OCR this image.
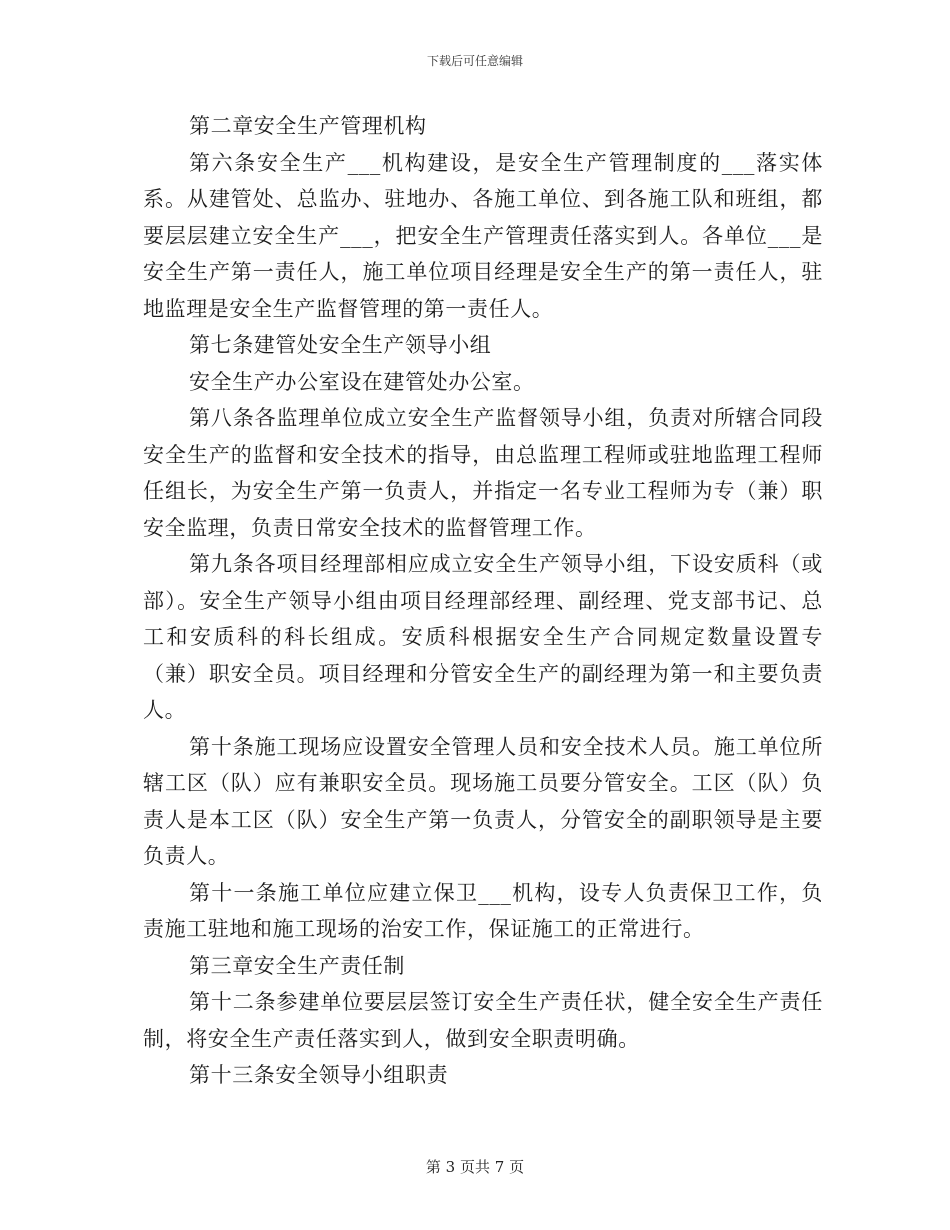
下载后可任意编辑

第二章安全生产管理机构

第六条安全生产___机构建设，是安全生产管理制度的___落实体系。从建管处、总监办、驻地办、各施工单位、到各施工队和班组，都要层层建立安全生产___，把安全生产管理责任落实到人。各单位___是安全生产第一责任人，施工单位项目经理是安全生产的第一责任人，驻地监理是安全生产监督管理的第一责任人。

第七条建管处安全生产领导小组

安全生产办公室设在建管处办公室。

第八条各监理单位成立安全生产监督领导小组，负责对所辖合同段安全生产的监督和安全技术的指导，由总监理工程师或驻地监理工程师任组长，为安全生产第一负责人，并指定一名专业工程师为专（兼）职安全监理，负责日常安全技术的监督管理工作。

第九条各项目经理部相应成立安全生产领导小组，下设安质科（或部）。安全生产领导小组由项目经理部经理、副经理、党支部书记、总工和安质科的科长组成。安质科根据安全生产合同规定数量设置专（兼）职安全员。项目经理和分管安全生产的副经理为第一和主要负责人。

第十条施工现场应设置安全管理人员和安全技术人员。施工单位所辖工区（队）应有兼职安全员。现场施工员要分管安全。工区（队）负责人是本工区（队）安全生产第一负责人，分管安全的副职领导是主要负责人。

第十一条施工单位应建立保卫___机构，设专人负责保卫工作，负责施工驻地和施工现场的治安工作，保证施工的正常进行。

第三章安全生产责任制

第十二条参建单位要层层签订安全生产责任状，健全安全生产责任制，将安全生产责任落实到人，做到安全职责明确。

第十三条安全领导小组职责

第 3 页共 7 页
